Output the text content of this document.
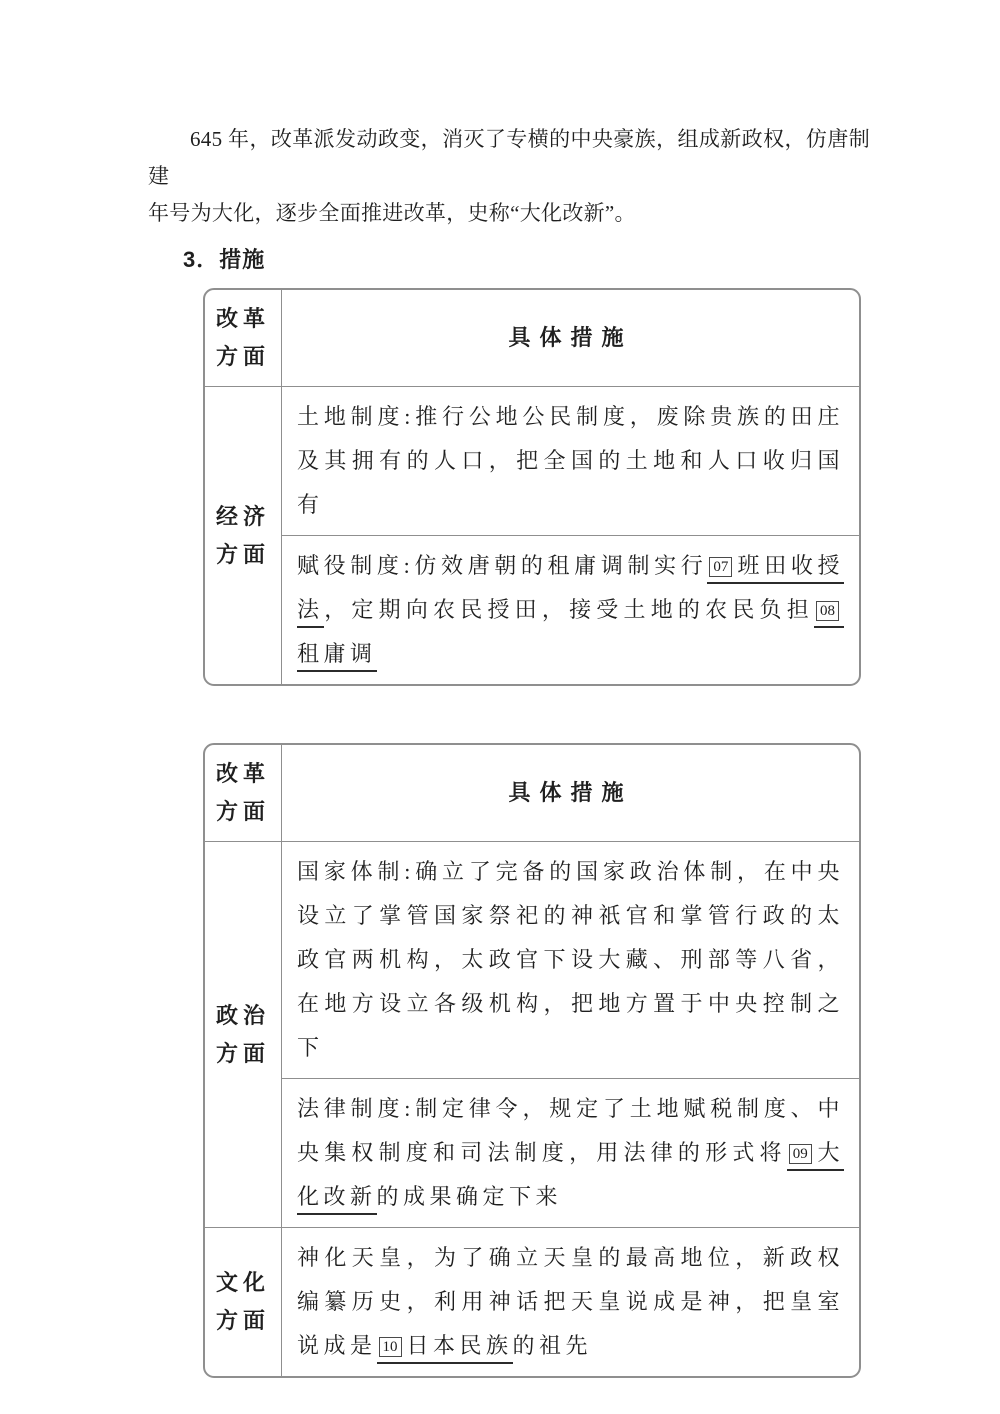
645 年，改革派发动政变，消灭了专横的中央豪族，组成新政权，仿唐制建
年号为大化，逐步全面推进改革，史称“大化改新”。

3．措施
改革方面	具体措施
经济方面	土地制度:推行公地公民制度，废除贵族的田庄及其拥有的人口，把全国的土地和人口收归国有
	赋役制度:仿效唐朝的租庸调制实行 07 班田收授法，定期向农民授田，接受土地的农民负担 08租庸调
改革方面	具体措施
政治方面	国家体制:确立了完备的国家政治体制，在中央设立了掌管国家祭祀的神祇官和掌管行政的太政官两机构，太政官下设大藏、刑部等八省，在地方设立各级机构，把地方置于中央控制之下
	法律制度:制定律令，规定了土地赋税制度、中央集权制度和司法制度，用法律的形式将 09 大化改新的成果确定下来
文化方面	神化天皇，为了确立天皇的最高地位，新政权编纂历史，利用神话把天皇说成是神，把皇室说成是 10 日本民族的祖先
